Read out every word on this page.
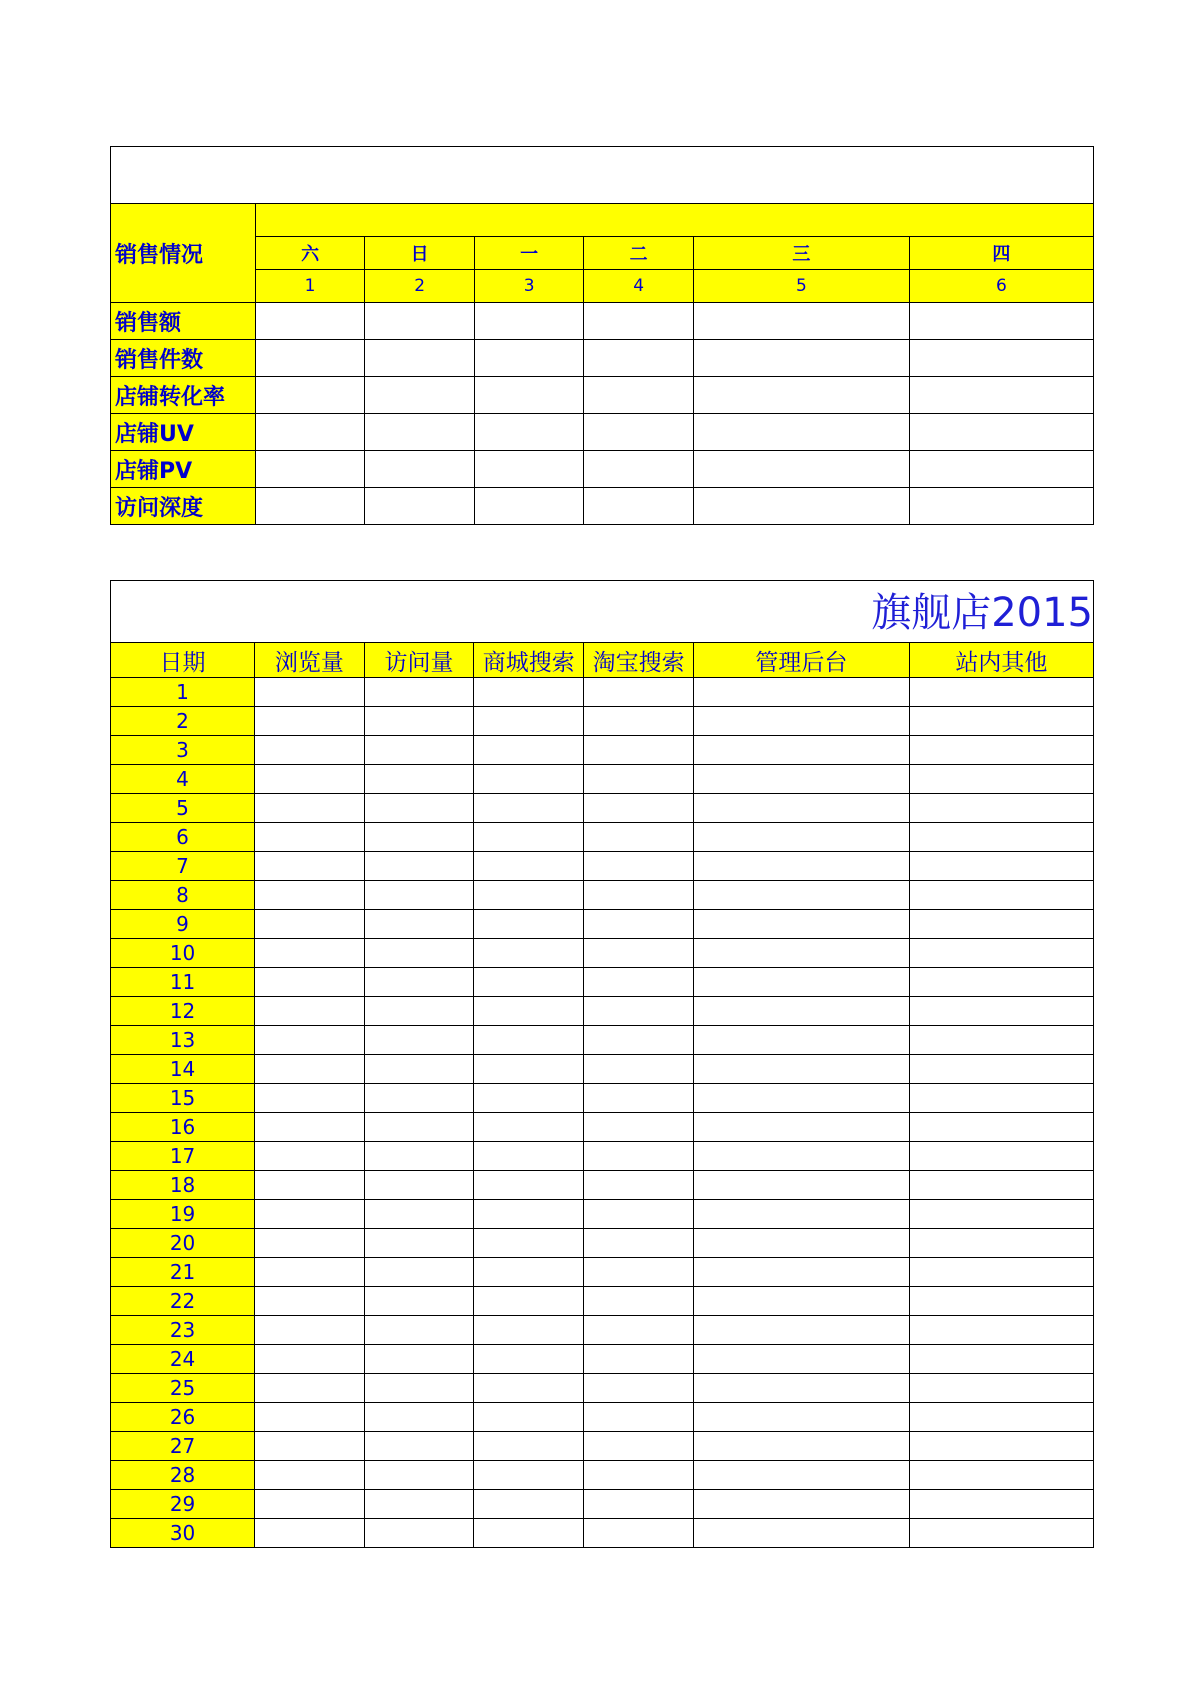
销售情况						
	六	日	一	二	三	四
	1	2	3	4	5	6
销售额						
销售件数						
店铺转化率						
店铺UV						
店铺PV						
访问深度						
旗舰店2015						
日期	浏览量	访问量	商城搜索	淘宝搜索	管理后台	站内其他
1						
2						
3						
4						
5						
6						
7						
8						
9						
10						
11						
12						
13						
14						
15						
16						
17						
18						
19						
20						
21						
22						
23						
24						
25						
26						
27						
28						
29						
30						
